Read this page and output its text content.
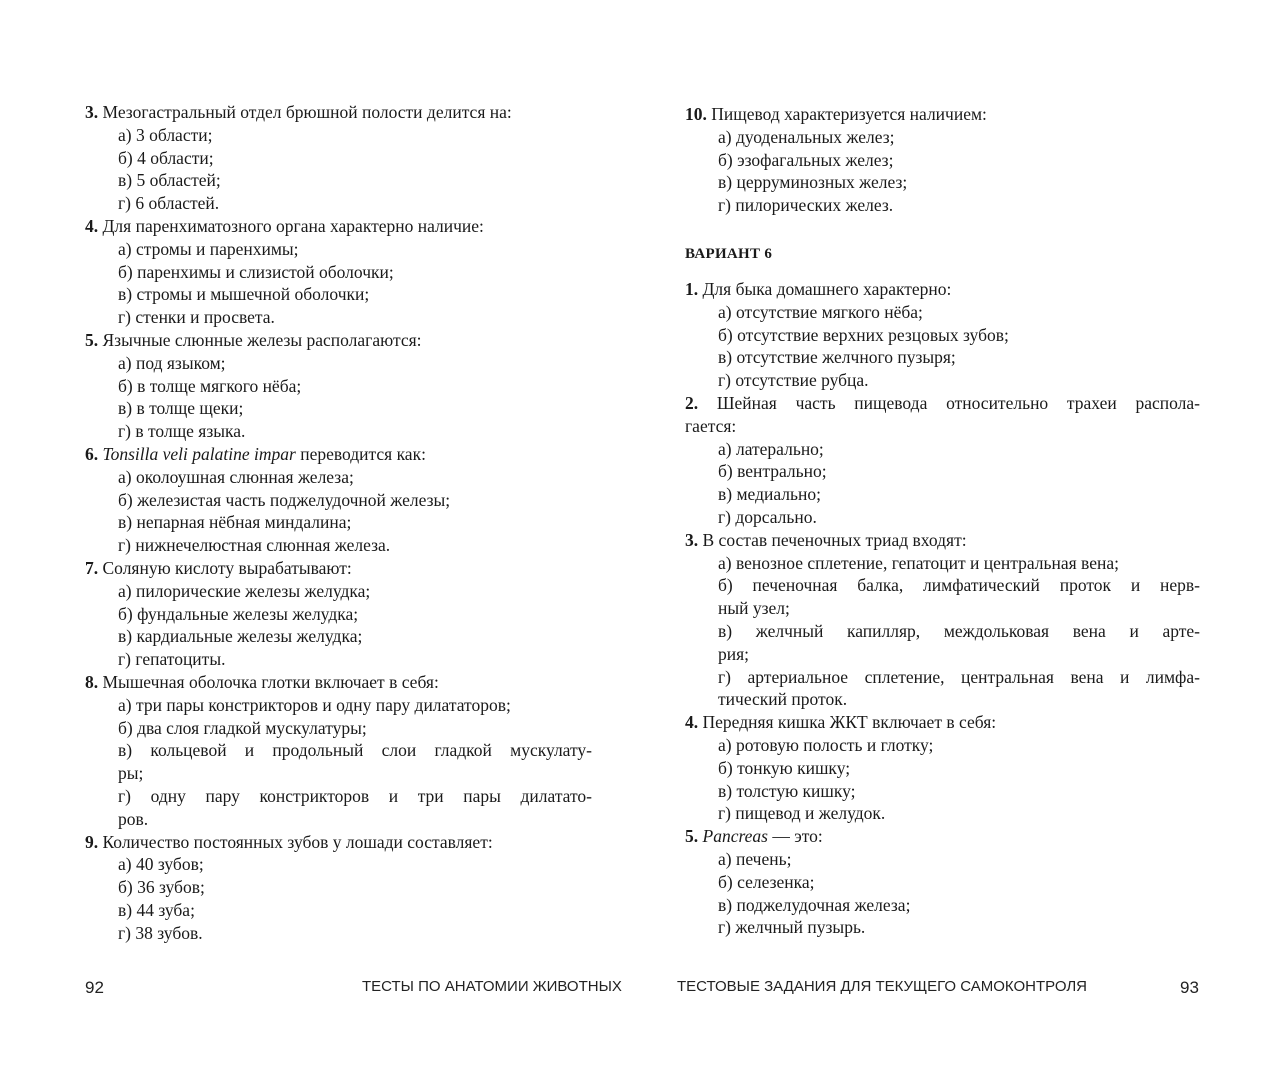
3. Мезогастральный отдел брюшной полости делится на:
а) 3 области;
б) 4 области;
в) 5 областей;
г) 6 областей.
4. Для паренхиматозного органа характерно наличие:
а) стромы и паренхимы;
б) паренхимы и слизистой оболочки;
в) стромы и мышечной оболочки;
г) стенки и просвета.
5. Язычные слюнные железы располагаются:
а) под языком;
б) в толще мягкого нёба;
в) в толще щеки;
г) в толще языка.
6. Tonsilla veli palatine impar переводится как:
а) околоушная слюнная железа;
б) железистая часть поджелудочной железы;
в) непарная нёбная миндалина;
г) нижнечелюстная слюнная железа.
7. Соляную кислоту вырабатывают:
а) пилорические железы желудка;
б) фундальные железы желудка;
в) кардиальные железы желудка;
г) гепатоциты.
8. Мышечная оболочка глотки включает в себя:
а) три пары констрикторов и одну пару дилататоров;
б) два слоя гладкой мускулатуры;
в) кольцевой и продольный слои гладкой мускулату-
ры;
г) одну пару констрикторов и три пары дилатато-
ров.
9. Количество постоянных зубов у лошади составляет:
а) 40 зубов;
б) 36 зубов;
в) 44 зуба;
г) 38 зубов.
10. Пищевод характеризуется наличием:
а) дуоденальных желез;
б) эзофагальных желез;
в) церруминозных желез;
г) пилорических желез.
ВАРИАНТ 6
1. Для быка домашнего характерно:
а) отсутствие мягкого нёба;
б) отсутствие верхних резцовых зубов;
в) отсутствие желчного пузыря;
г) отсутствие рубца.
2. Шейная часть пищевода относительно трахеи распола-
гается:
а) латерально;
б) вентрально;
в) медиально;
г) дорсально.
3. В состав печеночных триад входят:
а) венозное сплетение, гепатоцит и центральная вена;
б) печеночная балка, лимфатический проток и нерв-
ный узел;
в) желчный капилляр, междольковая вена и арте-
рия;
г) артериальное сплетение, центральная вена и лимфа-
тический проток.
4. Передняя кишка ЖКТ включает в себя:
а) ротовую полость и глотку;
б) тонкую кишку;
в) толстую кишку;
г) пищевод и желудок.
5. Pancreas — это:
а) печень;
б) селезенка;
в) поджелудочная железа;
г) желчный пузырь.
92	ТЕСТЫ ПО АНАТОМИИ ЖИВОТНЫХ	ТЕСТОВЫЕ ЗАДАНИЯ ДЛЯ ТЕКУЩЕГО САМОКОНТРОЛЯ	93
